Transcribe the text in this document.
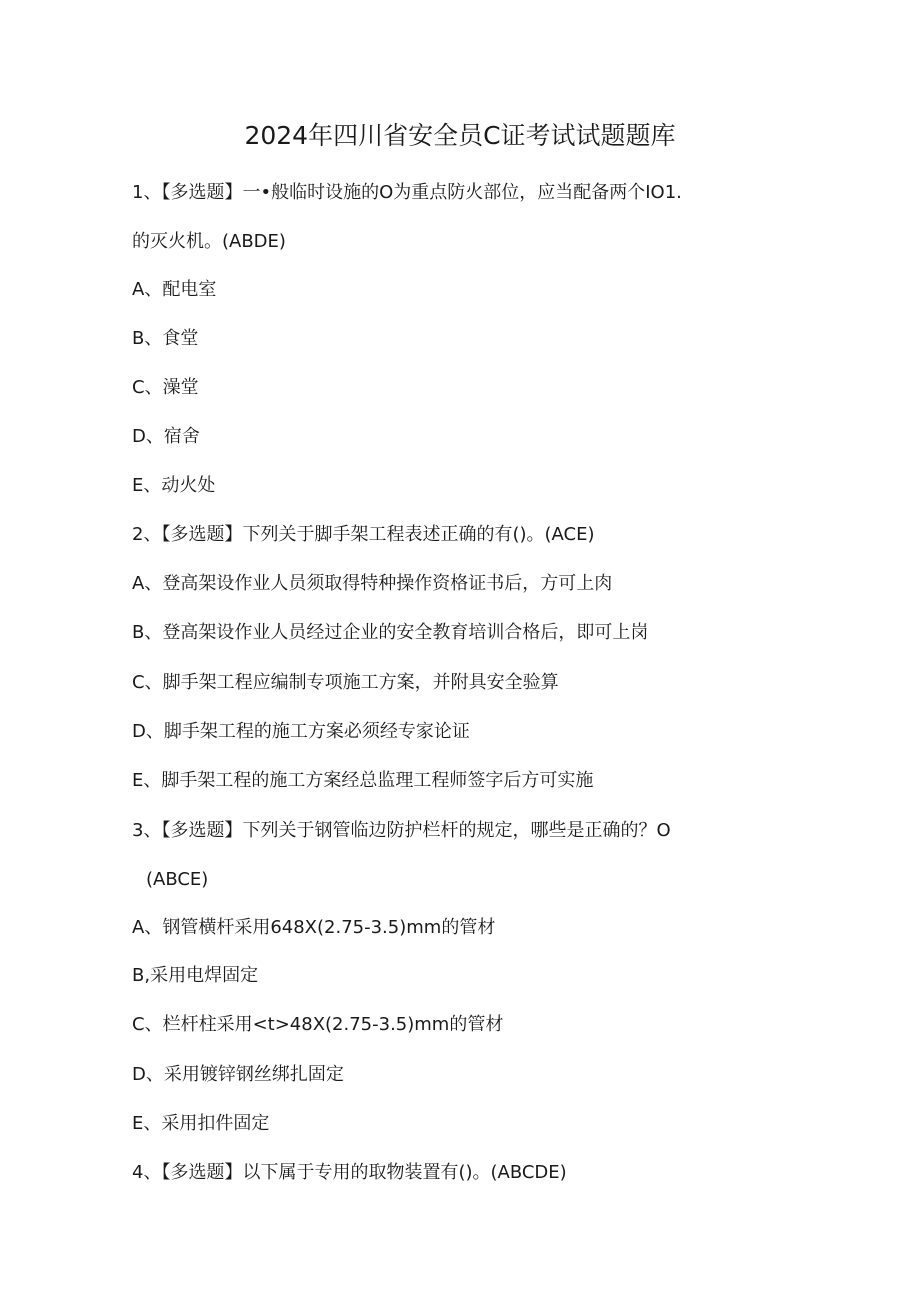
2024年四川省安全员C证考试试题题库
1、【多选题】一•般临时设施的O为重点防火部位，应当配备两个IO1.
的灭火机。(ABDE)
A、配电室
B、食堂
C、澡堂
D、宿舍
E、动火处
2、【多选题】下列关于脚手架工程表述正确的有()。(ACE)
A、登高架设作业人员须取得特种操作资格证书后，方可上肉
B、登高架设作业人员经过企业的安全教育培训合格后，即可上岗
C、脚手架工程应编制专项施工方案，并附具安全验算
D、脚手架工程的施工方案必须经专家论证
E、脚手架工程的施工方案经总监理工程师签字后方可实施
3、【多选题】下列关于钢管临边防护栏杆的规定，哪些是正确的？O
(ABCE)
A、钢管横杆采用648X(2.75-3.5)mm的管材
B,采用电焊固定
C、栏杆柱采用<t>48X(2.75-3.5)mm的管材
D、采用镀锌钢丝绑扎固定
E、采用扣件固定
4、【多选题】以下属于专用的取物装置有()。(ABCDE)
